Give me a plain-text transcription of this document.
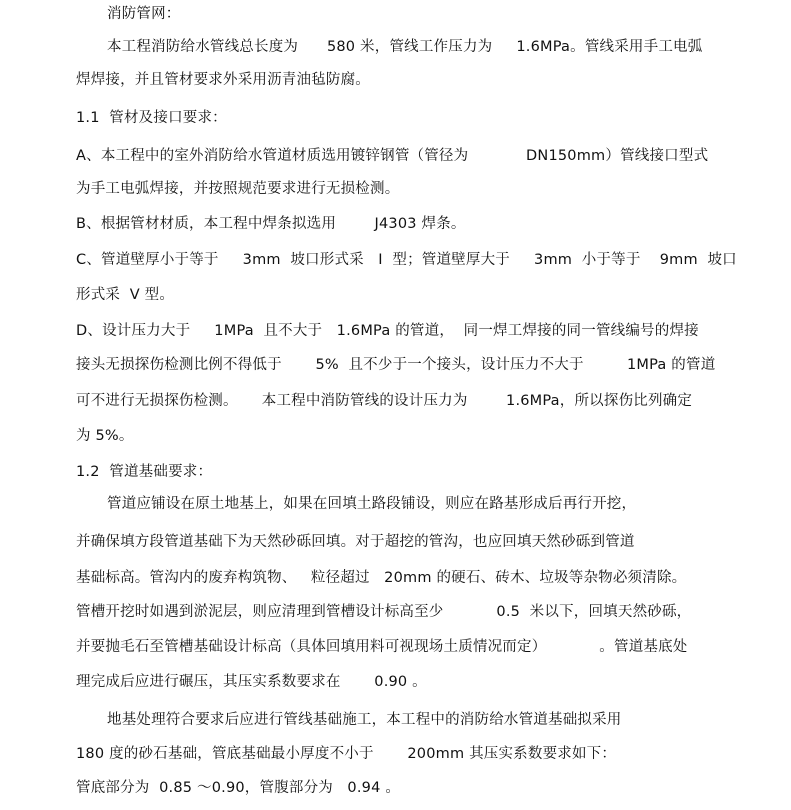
消防管网：
本工程消防给水管线总长度为      580 米，管线工作压力为     1.6MPa。管线采用手工电弧
焊焊接，并且管材要求外采用沥青油毡防腐。
1.1  管材及接口要求：
A、本工程中的室外消防给水管道材质选用镀锌钢管（管径为            DN150mm）管线接口型式
为手工电弧焊接，并按照规范要求进行无损检测。
B、根据管材材质，本工程中焊条拟选用        J4303 焊条。
C、管道壁厚小于等于     3mm  坡口形式采   I  型；管道壁厚大于     3mm  小于等于    9mm  坡口
形式采  V 型。
D、设计压力大于     1MPa  且不大于   1.6MPa 的管道，  同一焊工焊接的同一管线编号的焊接
接头无损探伤检测比例不得低于       5%  且不少于一个接头，设计压力不大于         1MPa 的管道
可不进行无损探伤检测。     本工程中消防管线的设计压力为        1.6MPa，所以探伤比列确定
为 5%。
1.2  管道基础要求：
管道应铺设在原土地基上，如果在回填土路段铺设，则应在路基形成后再行开挖，
并确保填方段管道基础下为天然砂砾回填。对于超挖的管沟，也应回填天然砂砾到管道
基础标高。管沟内的废弃构筑物、   粒径超过   20mm 的硬石、砖木、垃圾等杂物必须清除。
管槽开挖时如遇到淤泥层，则应清理到管槽设计标高至少           0.5  米以下，回填天然砂砾，
并要抛毛石至管槽基础设计标高（具体回填用料可视现场土质情况而定）           。管道基底处
理完成后应进行碾压，其压实系数要求在       0.90 。
地基处理符合要求后应进行管线基础施工，本工程中的消防给水管道基础拟采用
180 度的砂石基础，管底基础最小厚度不小于       200mm 其压实系数要求如下：
管底部分为  0.85 ～0.90，管腹部分为   0.94 。
